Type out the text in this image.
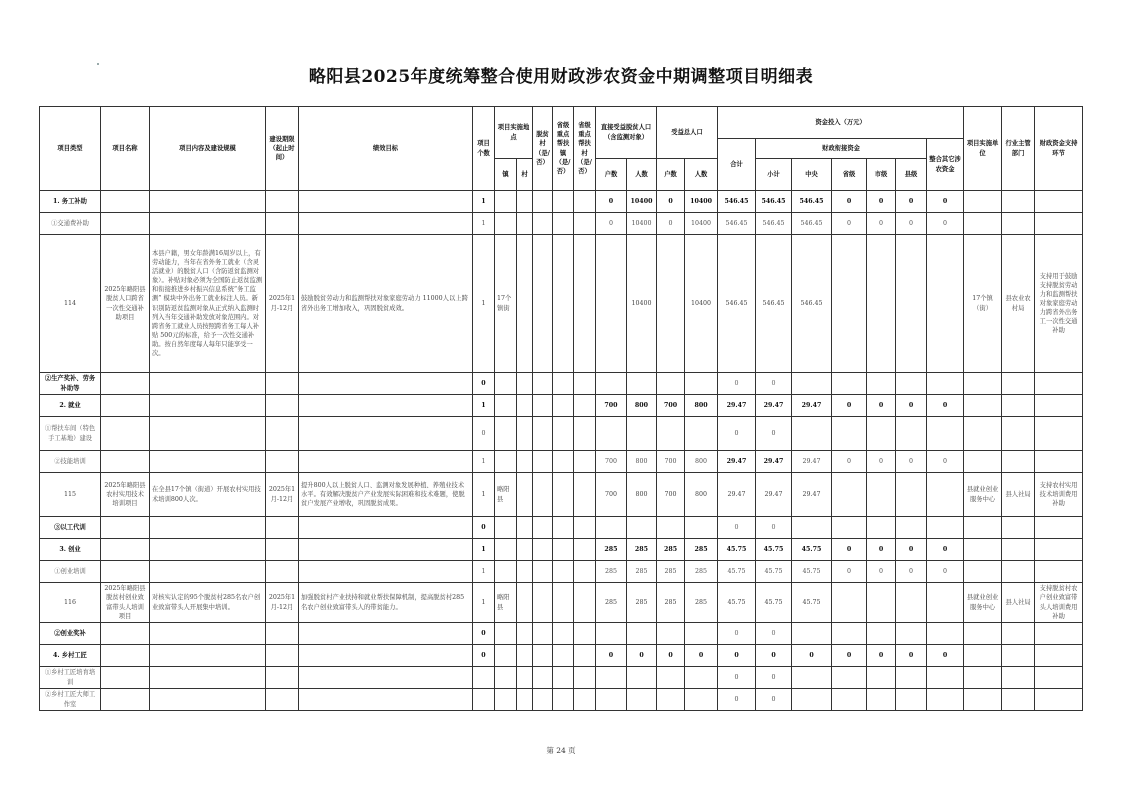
略阳县2025年度统筹整合使用财政涉农资金中期调整项目明细表
项目类型	项目名称	项目内容及建设规模	建设期限（起止时间）	绩效目标	项目个数	项目实施地点		脱贫村（是/否）	省级重点帮扶镇（是/否）	省级重点帮扶村（是/否）	直接受益脱贫人口（含监测对象）		受益总人口		资金投入（万元）							项目实施单位	行业主管部门	财政资金支持环节
															合计	财政衔接资金					整合其它涉农资金			
						镇	村				户数	人数	户数	人数		小计	中央	省级	市级	县级				
1. 务工补助					1						0	10400	0	10400	546.45	546.45	546.45	0	0	0	0			
①交通费补助					1						0	10400	0	10400	546.45	546.45	546.45	0	0	0	0			
114	2025年略阳县脱贫人口跨省一次性交通补助项目	本县户籍，男女年龄满16周岁以上，有劳动能力，当年在省外务工就业（含灵活就业）的脱贫人口（含防返贫监测对象）。补贴对象必须为全国防止返贫监测和衔接推进乡村振兴信息系统“务工监测” 模块中外出务工就业标注人员。新识别防返贫监测对象从正式纳入监测时列入当年交通补助发放对象范围内。对跨省务工就业人员按照跨省务工每人补贴 500元的标准，给予一次性交通补助。按自然年度每人每年只能享受一次。	2025年1月-12月	鼓励脱贫劳动力和监测帮扶对象家庭劳动力 11000人以上跨省外出务工增加收入，巩固脱贫成效。	1	17个镇街						10400		10400	546.45	546.45	546.45					17个镇（街）	县农业农村局	支持用于鼓励支持脱贫劳动力和监测帮扶对象家庭劳动力跨省外出务工一次性交通补助
②生产奖补、劳务补助等					0										0	0								
2. 就业					1						700	800	700	800	29.47	29.47	29.47	0	0	0	0			
①帮扶车间（特色手工基地）建设					0										0	0								
②技能培训					1						700	800	700	800	29.47	29.47	29.47	0	0	0	0			
115	2025年略阳县农村实用技术培训项目	在全县17个镇（街道）开展农村实用技术培训800人次。	2025年1月-12月	提升800人以上脱贫人口、监测对象发展种植、养殖业技术水平。有效解决脱贫户产业发展实际困难和技术难题，使脱贫户发展产业增收，巩固脱贫成果。	1	略阳县					700	800	700	800	29.47	29.47	29.47					县就业创业服务中心	县人社局	支持农村实用技术培训费用补助
③以工代训					0										0	0								
3. 创业					1						285	285	285	285	45.75	45.75	45.75	0	0	0	0			
①创业培训					1						285	285	285	285	45.75	45.75	45.75	0	0	0	0			
116	2025年略阳县脱贫村创业致富带头人培训项目	对核实认定的95个脱贫村285名农户创业致富带头人开展集中培训。	2025年1月-12月	加强脱贫村产业扶持和就业帮扶保障机制，提高脱贫村285名农户创业致富带头人的带贫能力。	1	略阳县					285	285	285	285	45.75	45.75	45.75					县就业创业服务中心	县人社局	支持脱贫村农户创业致富带头人培训费用补助
②创业奖补					0										0	0								
4. 乡村工匠					0						0	0	0	0	0	0	0	0	0	0	0			
①乡村工匠培育培训															0	0								
②乡村工匠大师工作室															0	0								
第 24 页
